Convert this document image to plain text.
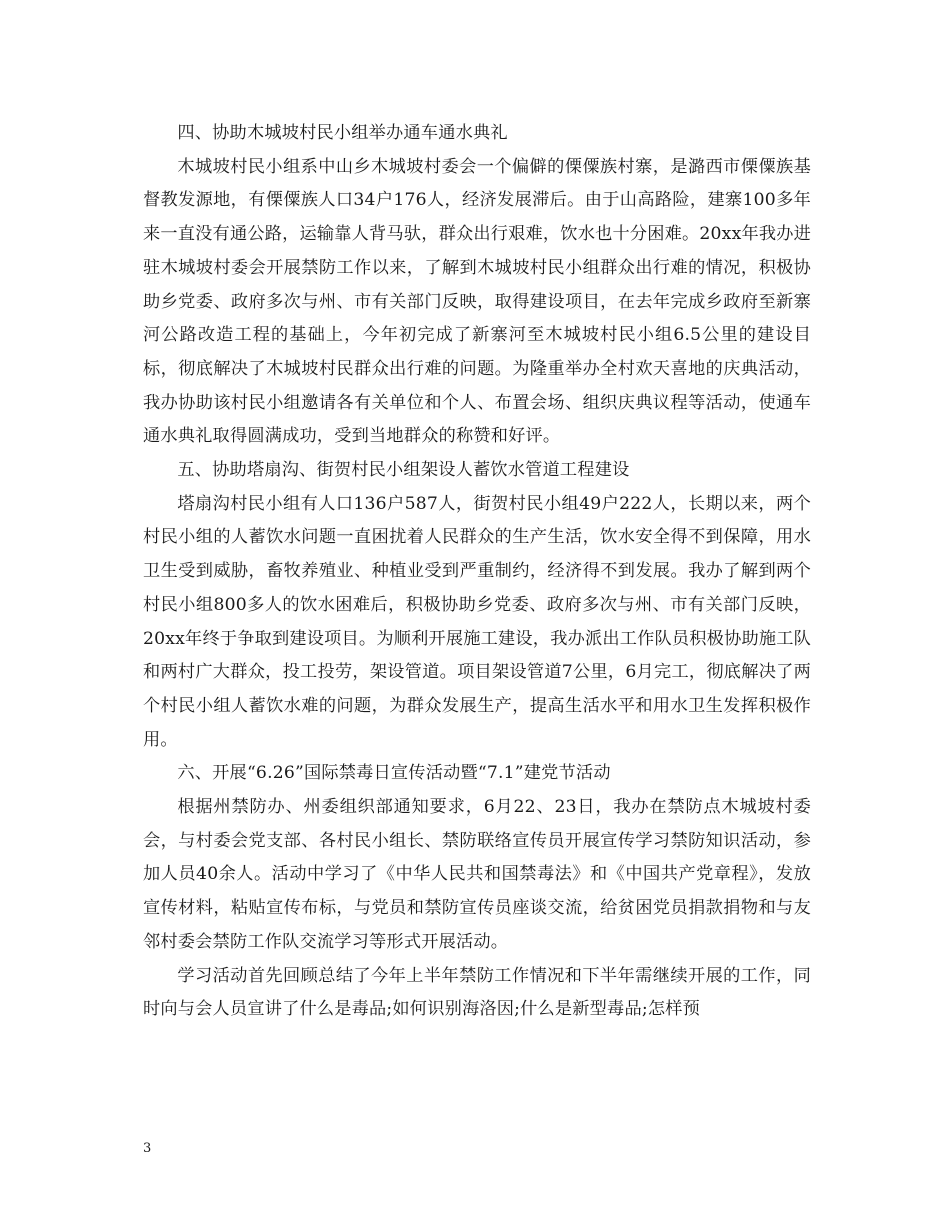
四、协助木城坡村民小组举办通车通水典礼

木城坡村民小组系中山乡木城坡村委会一个偏僻的傈僳族村寨，是潞西市傈僳族基督教发源地，有傈僳族人口34户176人，经济发展滞后。由于山高路险，建寨100多年来一直没有通公路，运输靠人背马驮，群众出行艰难，饮水也十分困难。20xx年我办进驻木城坡村委会开展禁防工作以来，了解到木城坡村民小组群众出行难的情况，积极协助乡党委、政府多次与州、市有关部门反映，取得建设项目，在去年完成乡政府至新寨河公路改造工程的基础上，今年初完成了新寨河至木城坡村民小组6.5公里的建设目标，彻底解决了木城坡村民群众出行难的问题。为隆重举办全村欢天喜地的庆典活动，我办协助该村民小组邀请各有关单位和个人、布置会场、组织庆典议程等活动，使通车通水典礼取得圆满成功，受到当地群众的称赞和好评。

五、协助塔扇沟、街贺村民小组架设人蓄饮水管道工程建设

塔扇沟村民小组有人口136户587人，街贺村民小组49户222人，长期以来，两个村民小组的人蓄饮水问题一直困扰着人民群众的生产生活，饮水安全得不到保障，用水卫生受到威胁，畜牧养殖业、种植业受到严重制约，经济得不到发展。我办了解到两个村民小组800多人的饮水困难后，积极协助乡党委、政府多次与州、市有关部门反映，20xx年终于争取到建设项目。为顺利开展施工建设，我办派出工作队员积极协助施工队和两村广大群众，投工投劳，架设管道。项目架设管道7公里，6月完工，彻底解决了两个村民小组人蓄饮水难的问题，为群众发展生产，提高生活水平和用水卫生发挥积极作用。

六、开展“6.26”国际禁毒日宣传活动暨“7.1”建党节活动

根据州禁防办、州委组织部通知要求，6月22、23日，我办在禁防点木城坡村委会，与村委会党支部、各村民小组长、禁防联络宣传员开展宣传学习禁防知识活动，参加人员40余人。活动中学习了《中华人民共和国禁毒法》和《中国共产党章程》，发放宣传材料，粘贴宣传布标，与党员和禁防宣传员座谈交流，给贫困党员捐款捐物和与友邻村委会禁防工作队交流学习等形式开展活动。

学习活动首先回顾总结了今年上半年禁防工作情况和下半年需继续开展的工作，同时向与会人员宣讲了什么是毒品;如何识别海洛因;什么是新型毒品;怎样预

3
